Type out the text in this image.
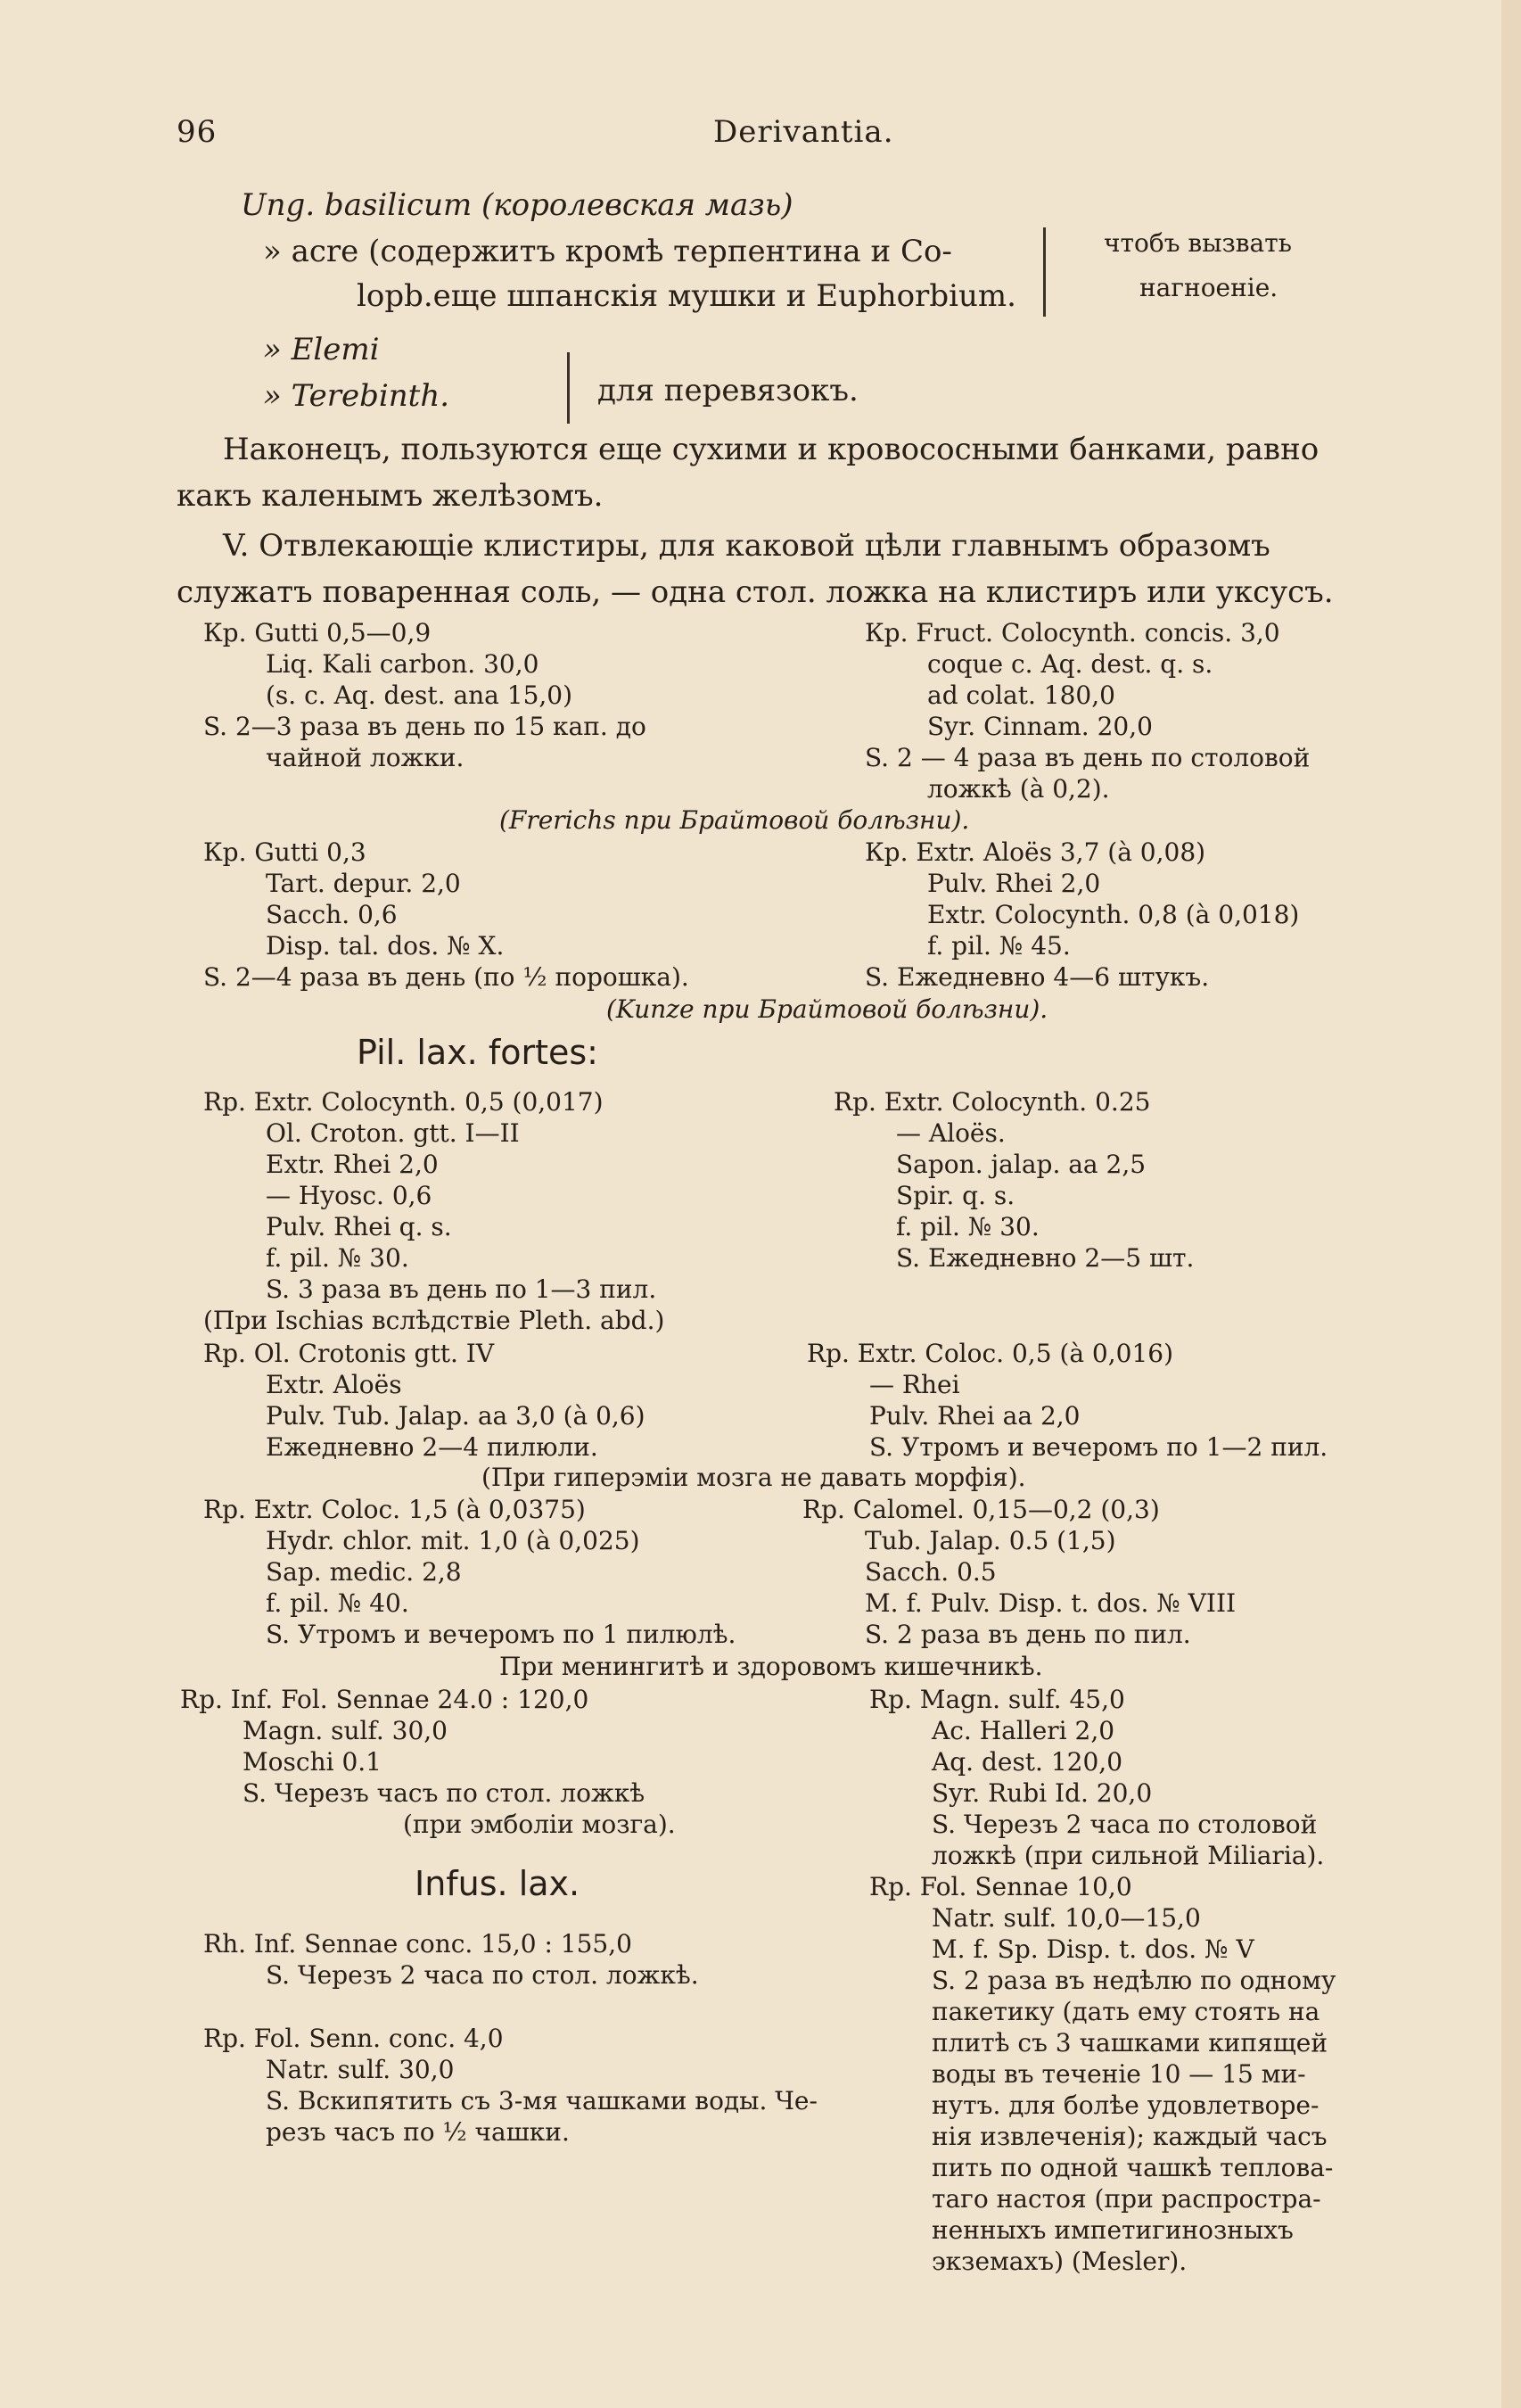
96	Derivantia.
Ung. basilicum (королевская мазь)
» acre (содержитъ кромѣ терпентина и Co-
lopb.еще шпанскія мушки и Euphorbium.
чтобъ вызвать
нагноеніе.
» Elemi
» Terebinth.	для перевязокъ.
Наконецъ, пользуются еще сухими и кровососными банками, равно
какъ каленымъ желѣзомъ.
V. Отвлекающіе клистиры, для каковой цѣли главнымъ образомъ
служатъ поваренная соль, — одна стол. ложка на клистиръ или уксусъ.
Кр. Gutti 0,5—0,9
Liq. Kali carbon. 30,0
(s. c. Aq. dest. ana 15,0)
S. 2—3 раза въ день по 15 кап. до
чайной ложки.
Кр. Fruct. Colocynth. concis. 3,0
coque c. Aq. dest. q. s.
ad colat. 180,0
Syr. Cinnam. 20,0
S. 2 — 4 раза въ день по столовой
ложкѣ (à 0,2).
(Frerichs при Брайтовой болѣзни).
Кр. Gutti 0,3
Tart. depur. 2,0
Sacch. 0,6
Disp. tal. dos. № X.
S. 2—4 раза въ день (по ½ порошка).
Кр. Extr. Aloës 3,7 (à 0,08)
Pulv. Rhei 2,0
Extr. Colocynth. 0,8 (à 0,018)
f. pil. № 45.
S. Ежедневно 4—6 штукъ.
(Kunze при Брайтовой болѣзни).
Pil. lax. fortes:
Rp. Extr. Colocynth. 0,5 (0,017)
Ol. Croton. gtt. I—II
Extr. Rhei 2,0
— Hyosc. 0,6
Pulv. Rhei q. s.
f. pil. № 30.
S. 3 раза въ день по 1—3 пил.
(При Ischias вслѣдствіе Pleth. abd.)
Rp. Extr. Colocynth. 0.25
— Aloës.
Sapon. jalap. aa 2,5
Spir. q. s.
f. pil. № 30.
S. Ежедневно 2—5 шт.
Rp. Ol. Crotonis gtt. IV
Extr. Aloës
Pulv. Tub. Jalap. aa 3,0 (à 0,6)
Ежедневно 2—4 пилюли.
Rp. Extr. Coloc. 0,5 (à 0,016)
— Rhei
Pulv. Rhei aa 2,0
S. Утромъ и вечеромъ по 1—2 пил.
(При гиперэміи мозга не давать морфія).
Rp. Extr. Coloc. 1,5 (à 0,0375)
Hydr. chlor. mit. 1,0 (à 0,025)
Sap. medic. 2,8
f. pil. № 40.
S. Утромъ и вечеромъ по 1 пилюлѣ.
Rp. Calomel. 0,15—0,2 (0,3)
Tub. Jalap. 0.5 (1,5)
Sacch. 0.5
M. f. Pulv. Disp. t. dos. № VIII
S. 2 раза въ день по пил.
При менингитѣ и здоровомъ кишечникѣ.
Rp. Inf. Fol. Sennae 24.0 : 120,0
Magn. sulf. 30,0
Moschi 0.1
S. Черезъ часъ по стол. ложкѣ
(при эмболіи мозга).
Infus. lax.
Rh. Inf. Sennae conc. 15,0 : 155,0
S. Черезъ 2 часа по стол. ложкѣ.
Rp. Fol. Senn. conc. 4,0
Natr. sulf. 30,0
S. Вскипятить съ 3-мя чашками воды. Че-
резъ часъ по ½ чашки.
Rp. Magn. sulf. 45,0
Ac. Halleri 2,0
Aq. dest. 120,0
Syr. Rubi Id. 20,0
S. Черезъ 2 часа по столовой
ложкѣ (при сильной Miliaria).
Rp. Fol. Sennae 10,0
Natr. sulf. 10,0—15,0
M. f. Sp. Disp. t. dos. № V
S. 2 раза въ недѣлю по одному
пакетику (дать ему стоять на
плитѣ съ 3 чашками кипящей
воды въ теченіе 10 — 15 ми-
нутъ. для болѣе удовлетворе-
нія извлеченія); каждый часъ
пить по одной чашкѣ теплова-
таго настоя (при распростра-
ненныхъ импетигинозныхъ
экземахъ) (Mesler).
